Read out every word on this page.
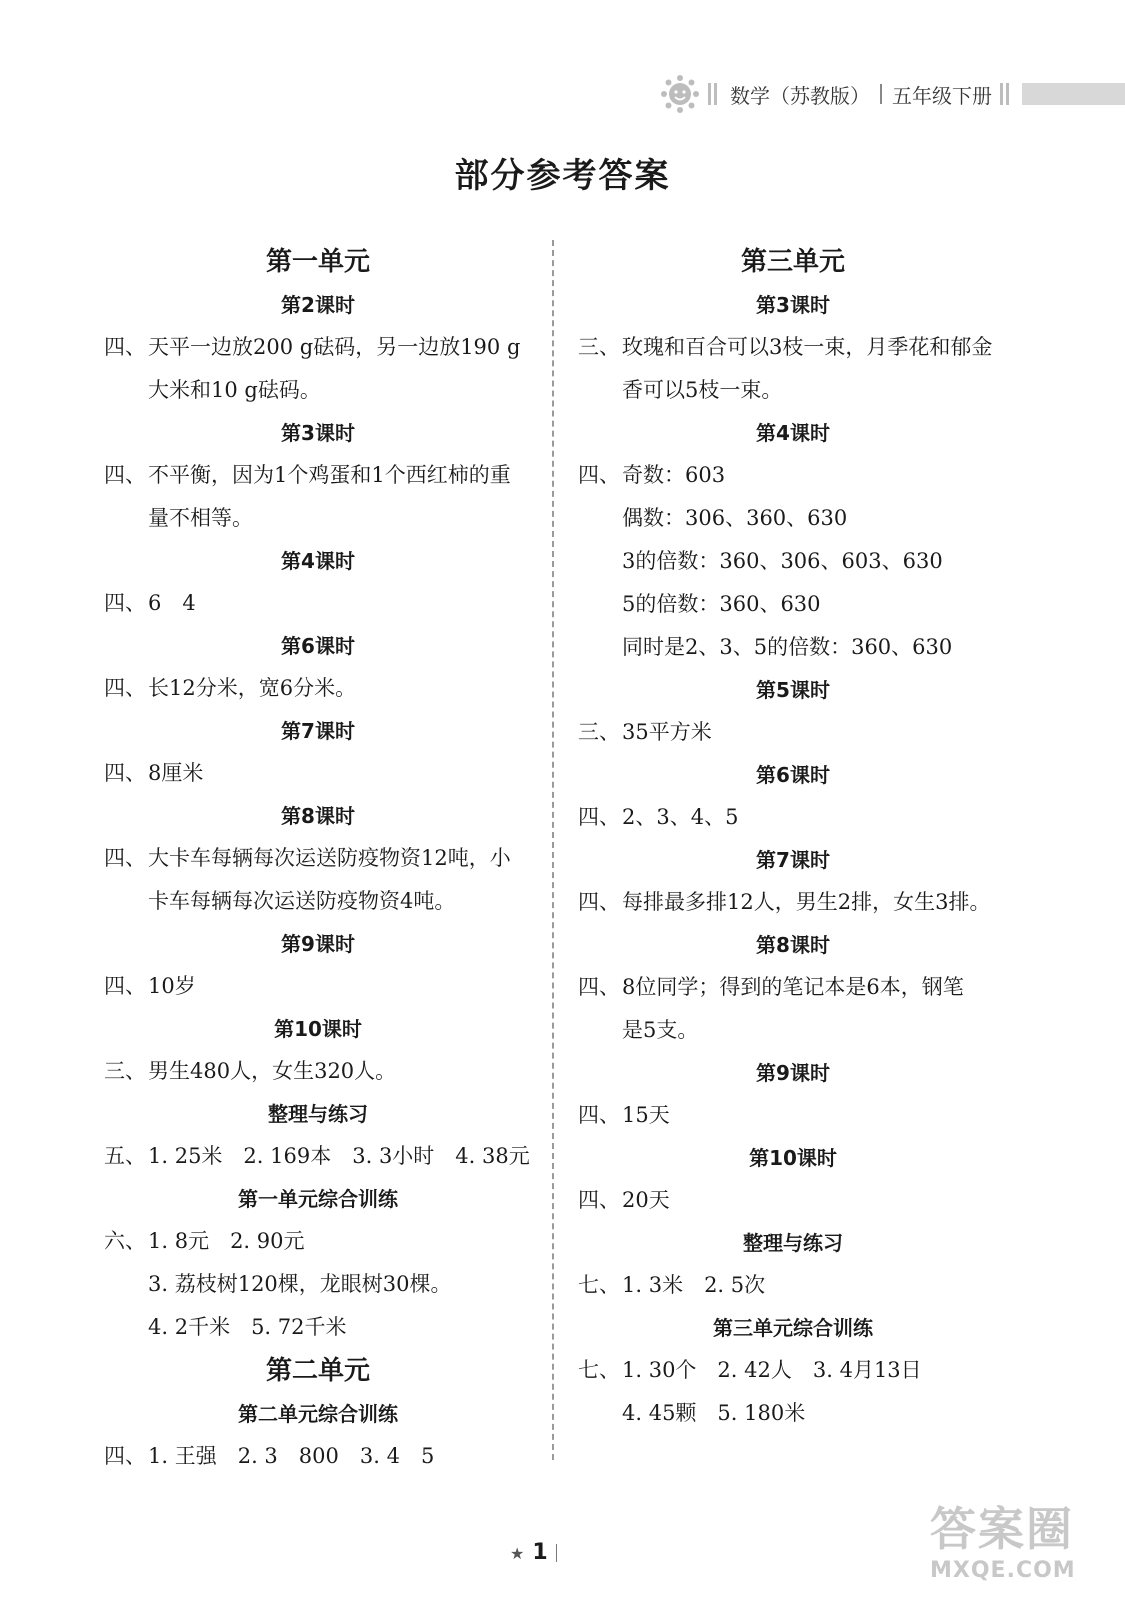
数学（苏教版） 五年级下册
部分参考答案
第一单元
第2课时
四、 天平一边放200 g砝码，另一边放190 g
大米和10 g砝码。
第3课时
四、 不平衡，因为1个鸡蛋和1个西红柿的重
量不相等。
第4课时
四、 6　4
第6课时
四、 长12分米，宽6分米。
第7课时
四、 8厘米
第8课时
四、 大卡车每辆每次运送防疫物资12吨，小
卡车每辆每次运送防疫物资4吨。
第9课时
四、 10岁
第10课时
三、 男生480人，女生320人。
整理与练习
五、 1. 25米　2. 169本　3. 3小时　4. 38元
第一单元综合训练
六、 1. 8元　2. 90元
3. 荔枝树120棵，龙眼树30棵。
4. 2千米　5. 72千米
第二单元
第二单元综合训练
四、 1. 王强　2. 3　800　3. 4　5
第三单元
第3课时
三、 玫瑰和百合可以3枝一束，月季花和郁金
香可以5枝一束。
第4课时
四、 奇数：603
偶数：306、360、630
3的倍数：360、306、603、630
5的倍数：360、630
同时是2、3、5的倍数：360、630
第5课时
三、 35平方米
第6课时
四、 2、3、4、5
第7课时
四、 每排最多排12人，男生2排，女生3排。
第8课时
四、 8位同学；得到的笔记本是6本，钢笔
是5支。
第9课时
四、 15天
第10课时
四、 20天
整理与练习
七、 1. 3米　2. 5次
第三单元综合训练
七、 1. 30个　2. 42人　3. 4月13日
4. 45颗　5. 180米
★ 1	答案圈
MXQE.COM
